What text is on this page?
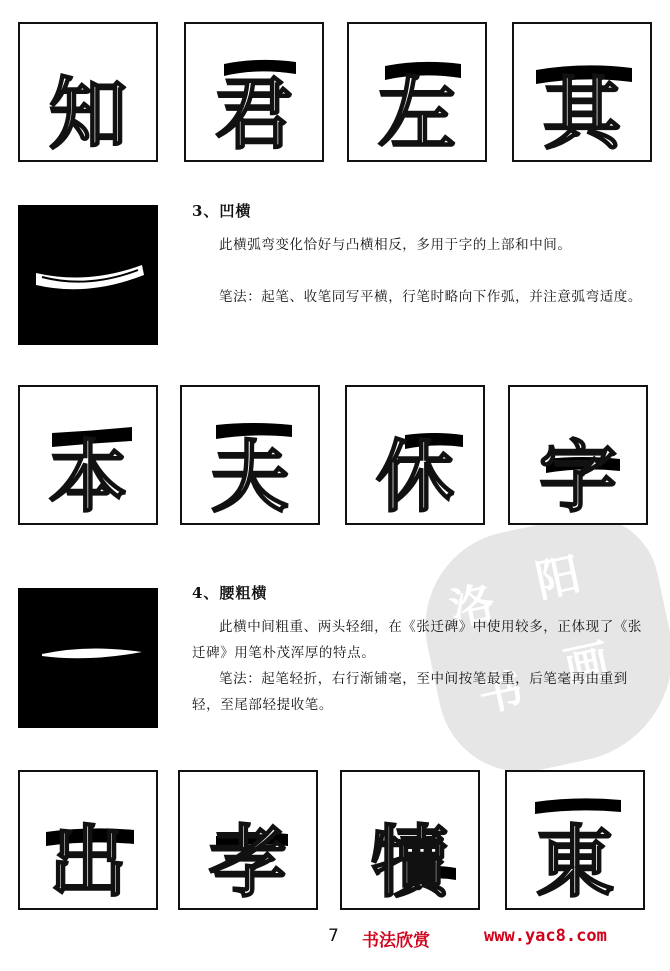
洛 阳
书 画
知	君	左	其
3、凹横
此横弧弯变化恰好与凸横相反，多用于字的上部和中间。
笔法：起笔、收笔同写平横，行笔时略向下作弧，并注意弧弯适度。
本	夫	休	字
4、腰粗横
此横中间粗重、两头轻细，在《张迁碑》中使用较多，正体现了《张迁碑》用笔朴茂浑厚的特点。
笔法：起笔轻折，右行渐铺毫，至中间按笔最重，后笔毫再由重到轻，至尾部轻提收笔。
出	孝	犢	東
7 书法欣赏	www.yac8.com
